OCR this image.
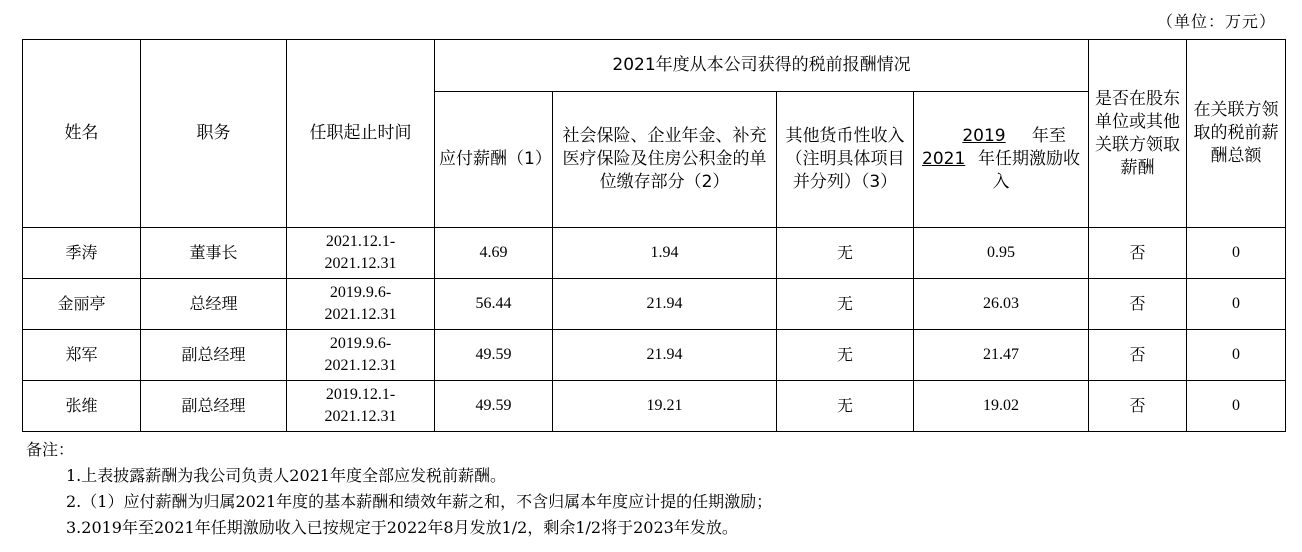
（单位：万元）
姓名	职务	任职起止时间	2021年度从本公司获得的税前报酬情况				是否在股东单位或其他关联方领取薪酬	在关联方领取的税前薪酬总额
			应付薪酬（1）	社会保险、企业年金、补充医疗保险及住房公积金的单位缴存部分（2）	其他货币性收入（注明具体项目并分列）（3）	2019 年至
2021 年任期激励收入		

季涛	董事长	2021.12.1-
2021.12.31	4.69	1.94	无	0.95	否	0
金丽亭	总经理	2019.9.6-
2021.12.31	56.44	21.94	无	26.03	否	0
郑军	副总经理	2019.9.6-
2021.12.31	49.59	21.94	无	21.47	否	0
张维	副总经理	2019.12.1-
2021.12.31	49.59	19.21	无	19.02	否	0
备注：
1.上表披露薪酬为我公司负责人2021年度全部应发税前薪酬。
2.（1）应付薪酬为归属2021年度的基本薪酬和绩效年薪之和，不含归属本年度应计提的任期激励；
3.2019年至2021年任期激励收入已按规定于2022年8月发放1/2，剩余1/2将于2023年发放。
